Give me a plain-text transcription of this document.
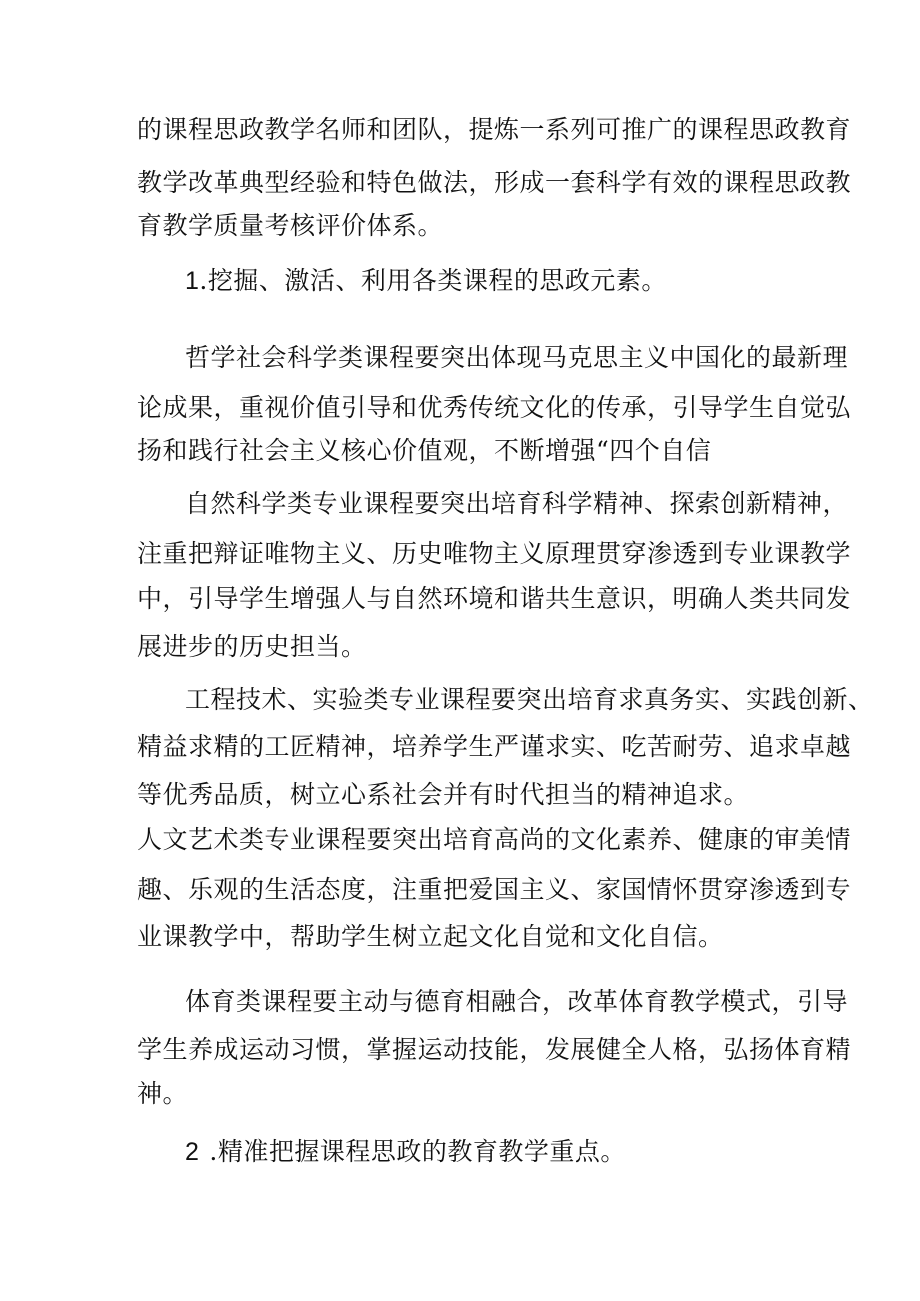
的课程思政教学名师和团队，提炼一系列可推广的课程思政教育
教学改革典型经验和特色做法，形成一套科学有效的课程思政教
育教学质量考核评价体系。
1.挖掘、激活、利用各类课程的思政元素。
哲学社会科学类课程要突出体现马克思主义中国化的最新理
论成果，重视价值引导和优秀传统文化的传承，引导学生自觉弘
扬和践行社会主义核心价值观，不断增强“四个自信
自然科学类专业课程要突出培育科学精神、探索创新精神，
注重把辩证唯物主义、历史唯物主义原理贯穿渗透到专业课教学
中，引导学生增强人与自然环境和谐共生意识，明确人类共同发
展进步的历史担当。
工程技术、实验类专业课程要突出培育求真务实、实践创新、
精益求精的工匠精神，培养学生严谨求实、吃苦耐劳、追求卓越
等优秀品质，树立心系社会并有时代担当的精神追求。
人文艺术类专业课程要突出培育高尚的文化素养、健康的审美情
趣、乐观的生活态度，注重把爱国主义、家国情怀贯穿渗透到专
业课教学中，帮助学生树立起文化自觉和文化自信。
体育类课程要主动与德育相融合，改革体育教学模式，引导
学生养成运动习惯，掌握运动技能，发展健全人格，弘扬体育精
神。
2 .精准把握课程思政的教育教学重点。
